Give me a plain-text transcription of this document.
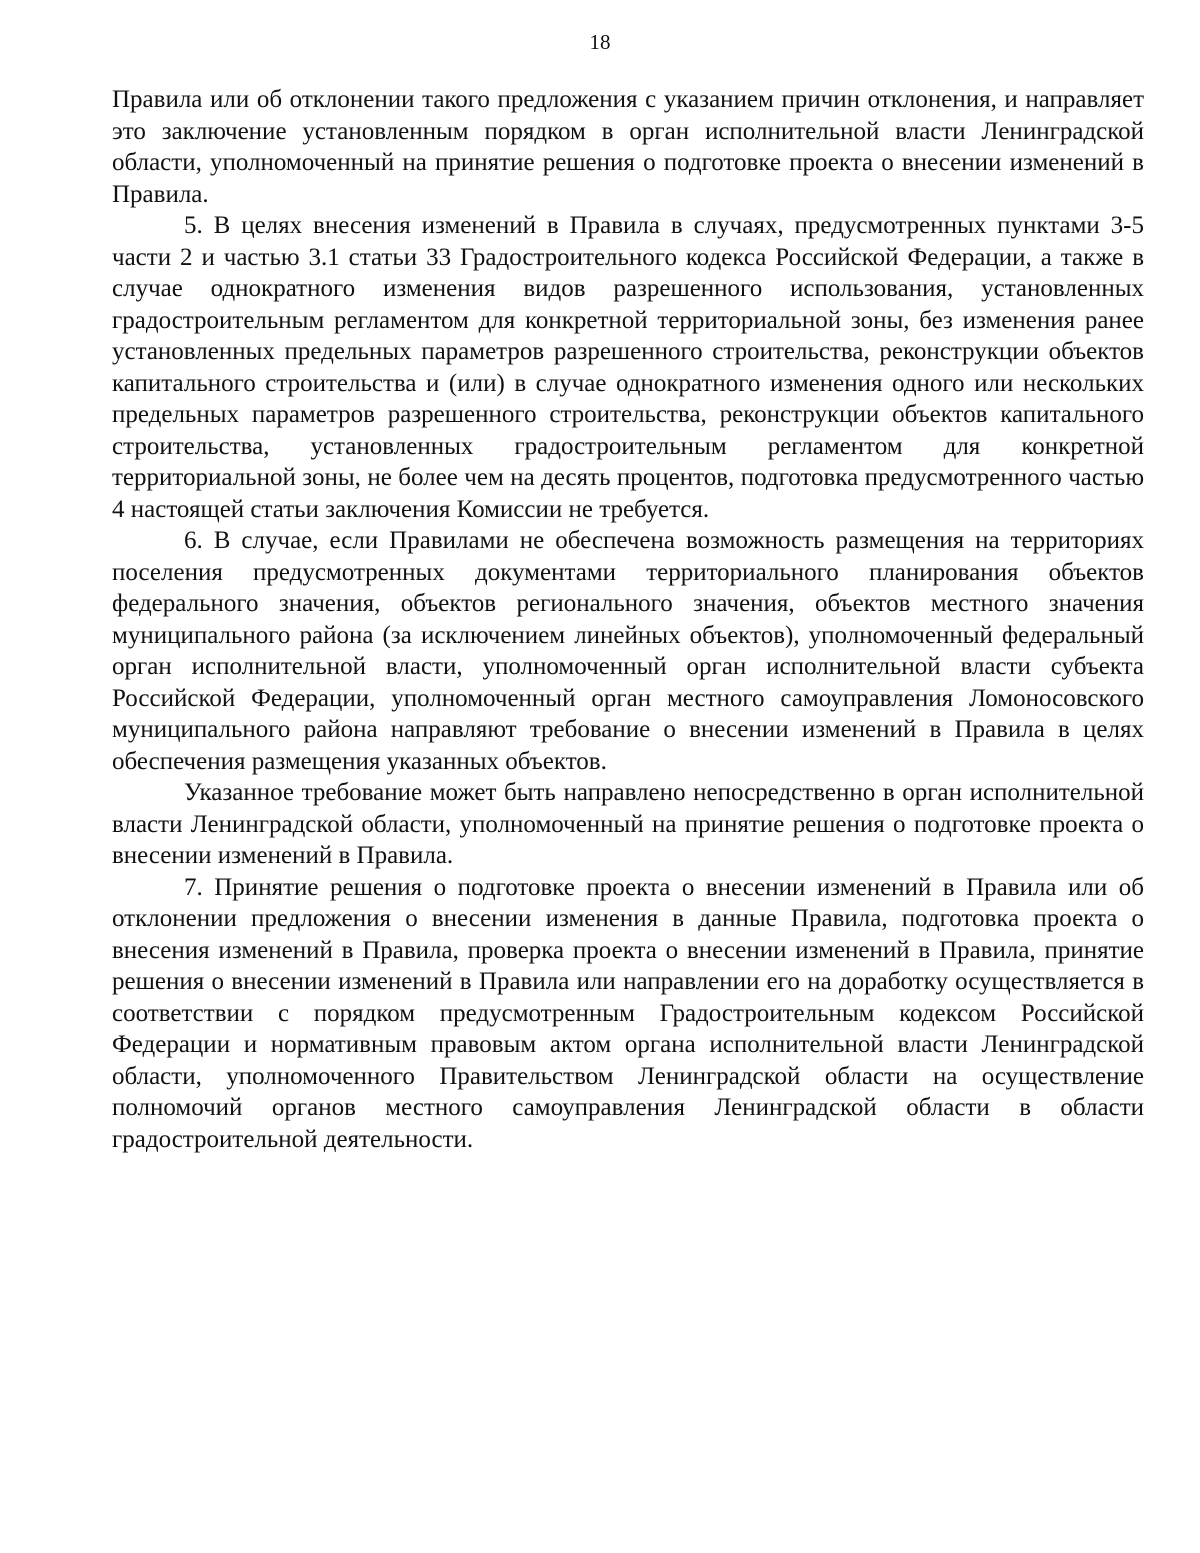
18

Правила или об отклонении такого предложения с указанием причин отклонения, и направляет это заключение установленным порядком в орган исполнительной власти Ленинградской области, уполномоченный на принятие решения о подготовке проекта о внесении изменений в Правила.

5. В целях внесения изменений в Правила в случаях, предусмотренных пунктами 3-5 части 2 и частью 3.1 статьи 33 Градостроительного кодекса Российской Федерации, а также в случае однократного изменения видов разрешенного использования, установленных градостроительным регламентом для конкретной территориальной зоны, без изменения ранее установленных предельных параметров разрешенного строительства, реконструкции объектов капитального строительства и (или) в случае однократного изменения одного или нескольких предельных параметров разрешенного строительства, реконструкции объектов капитального строительства, установленных градостроительным регламентом для конкретной территориальной зоны, не более чем на десять процентов, подготовка предусмотренного частью 4 настоящей статьи заключения Комиссии не требуется.

6. В случае, если Правилами не обеспечена возможность размещения на территориях поселения предусмотренных документами территориального планирования объектов федерального значения, объектов регионального значения, объектов местного значения муниципального района (за исключением линейных объектов), уполномоченный федеральный орган исполнительной власти, уполномоченный орган исполнительной власти субъекта Российской Федерации, уполномоченный орган местного самоуправления Ломоносовского муниципального района направляют требование о внесении изменений в Правила в целях обеспечения размещения указанных объектов.

Указанное требование может быть направлено непосредственно в орган исполнительной власти Ленинградской области, уполномоченный на принятие решения о подготовке проекта о внесении изменений в Правила.

7. Принятие решения о подготовке проекта о внесении изменений в Правила или об отклонении предложения о внесении изменения в данные Правила, подготовка проекта о внесения изменений в Правила, проверка проекта о внесении изменений в Правила, принятие решения о внесении изменений в Правила или направлении его на доработку осуществляется в соответствии с порядком предусмотренным Градостроительным кодексом Российской Федерации и нормативным правовым актом органа исполнительной власти Ленинградской области, уполномоченного Правительством Ленинградской области на осуществление полномочий органов местного самоуправления Ленинградской области в области градостроительной деятельности.
